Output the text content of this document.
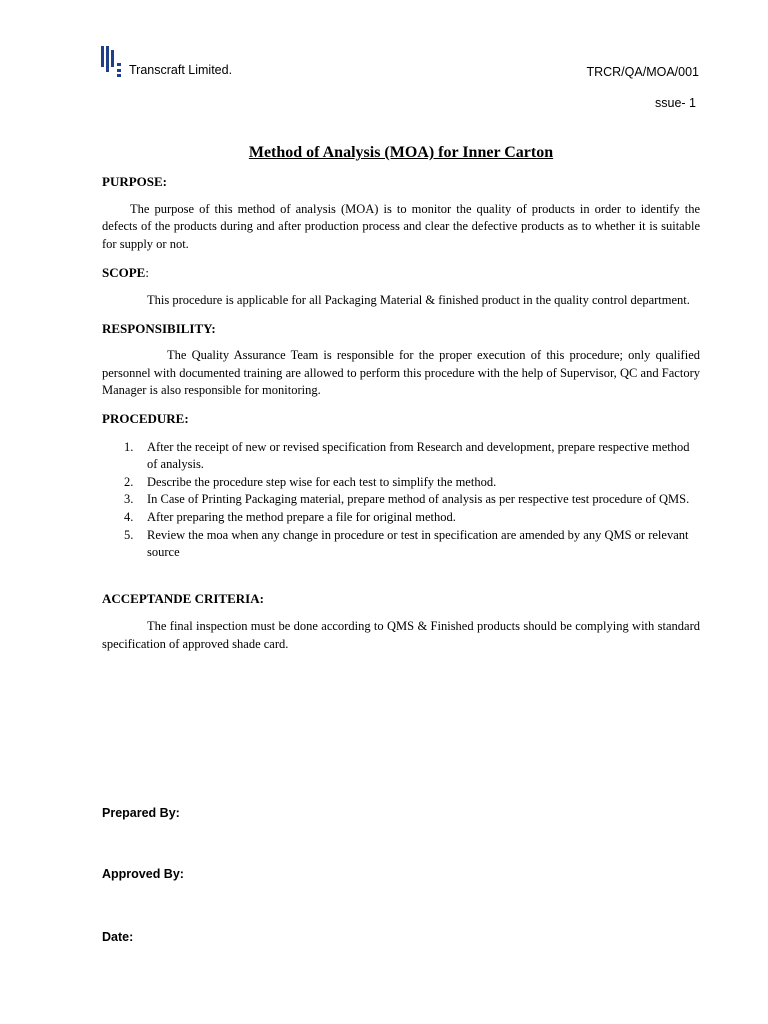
Transcraft Limited.	TRCR/QA/MOA/001
ssue- 1
Method of Analysis (MOA) for Inner Carton

PURPOSE:

The purpose of this method of analysis (MOA) is to monitor the quality of products in order to identify the defects of the products during and after production process and clear the defective products as to whether it is suitable for supply or not.

SCOPE:

This procedure is applicable for all Packaging Material & finished product in the quality control department.

RESPONSIBILITY:

The Quality Assurance Team is responsible for the proper execution of this procedure; only qualified personnel with documented training are allowed to perform this procedure with the help of Supervisor, QC and Factory Manager is also responsible for monitoring.

PROCEDURE:

1. After the receipt of new or revised specification from Research and development, prepare respective method of analysis.
2. Describe the procedure step wise for each test to simplify the method.
3. In Case of Printing Packaging material, prepare method of analysis as per respective test procedure of QMS.
4. After preparing the method prepare a file for original method.
5. Review the moa when any change in procedure or test in specification are amended by any QMS or relevant source

ACCEPTANDE CRITERIA:

The final inspection must be done according to QMS & Finished products should be complying with standard specification of approved shade card.

Prepared By:
Approved By:
Date:
